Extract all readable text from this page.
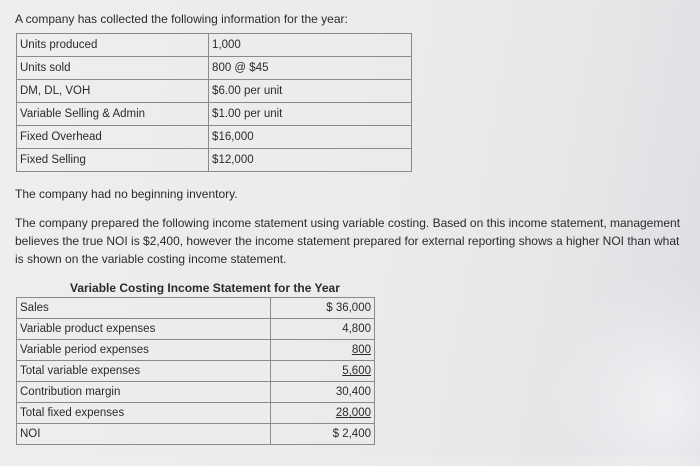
A company has collected the following information for the year:
Units produced	1,000
Units sold	800 @ $45
DM, DL, VOH	$6.00 per unit
Variable Selling & Admin	$1.00 per unit
Fixed Overhead	$16,000
Fixed Selling	$12,000
The company had no beginning inventory.
The company prepared the following income statement using variable costing. Based on this income statement, management
believes the true NOI is $2,400, however the income statement prepared for external reporting shows a higher NOI than what
is shown on the variable costing income statement.
Variable Costing Income Statement for the Year
Sales	$ 36,000
Variable product expenses	4,800
Variable period expenses	800
Total variable expenses	5,600
Contribution margin	30,400
Total fixed expenses	28,000
NOI	$ 2,400
